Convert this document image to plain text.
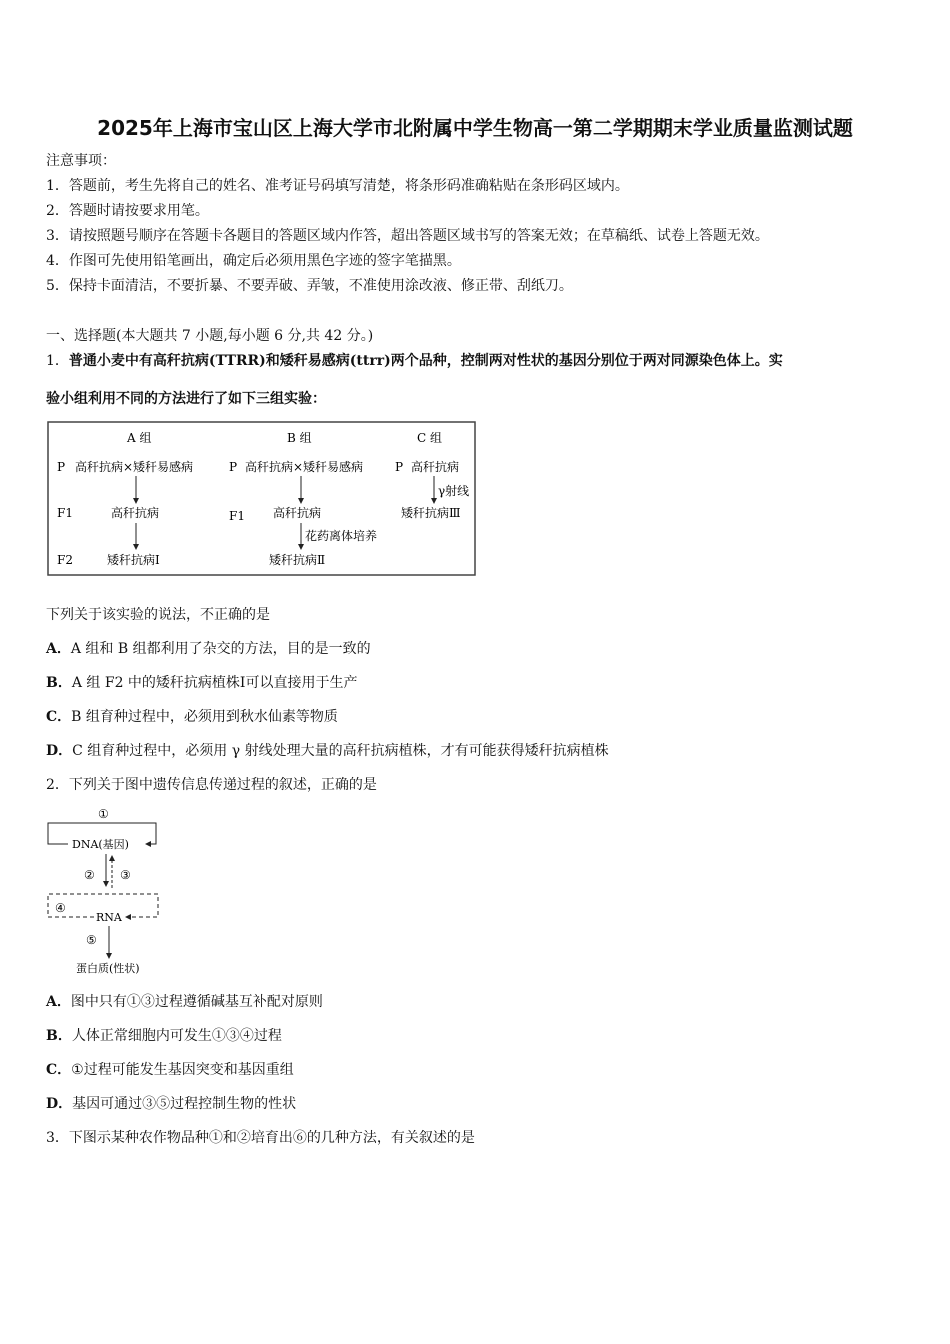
2025年上海市宝山区上海大学市北附属中学生物高一第二学期期末学业质量监测试题
注意事项：
1．答题前，考生先将自己的姓名、准考证号码填写清楚，将条形码准确粘贴在条形码区域内。
2．答题时请按要求用笔。
3．请按照题号顺序在答题卡各题目的答题区域内作答，超出答题区域书写的答案无效；在草稿纸、试卷上答题无效。
4．作图可先使用铅笔画出，确定后必须用黑色字迹的签字笔描黑。
5．保持卡面清洁，不要折暴、不要弄破、弄皱，不准使用涂改液、修正带、刮纸刀。
一、选择题(本大题共 7 小题,每小题 6 分,共 42 分。)
1．普通小麦中有高秆抗病(TTRR)和矮秆易感病(ttrr)两个品种，控制两对性状的基因分别位于两对同源染色体上。实
验小组利用不同的方法进行了如下三组实验：
A 组	B 组	C 组
P 高秆抗病×矮秆易感病
F1	高秆抗病
F2	矮秆抗病Ⅰ
P 高秆抗病×矮秆易感病
F1 高秆抗病
花药离体培养
矮秆抗病Ⅱ
P 高秆抗病
γ射线
矮秆抗病Ⅲ
下列关于该实验的说法，不正确的是
A．A 组和 B 组都利用了杂交的方法，目的是一致的
B．A 组 F2 中的矮秆抗病植株Ⅰ可以直接用于生产
C．B 组育种过程中，必须用到秋水仙素等物质
D．C 组育种过程中，必须用 γ 射线处理大量的高秆抗病植株，才有可能获得矮秆抗病植株
2．下列关于图中遗传信息传递过程的叙述，正确的是
①
DNA(基因)
② ③
④
RNA
⑤
蛋白质(性状)
A．图中只有①③过程遵循碱基互补配对原则
B．人体正常细胞内可发生①③④过程
C．①过程可能发生基因突变和基因重组
D．基因可通过③⑤过程控制生物的性状
3．下图示某种农作物品种①和②培育出⑥的几种方法，有关叙述的是
